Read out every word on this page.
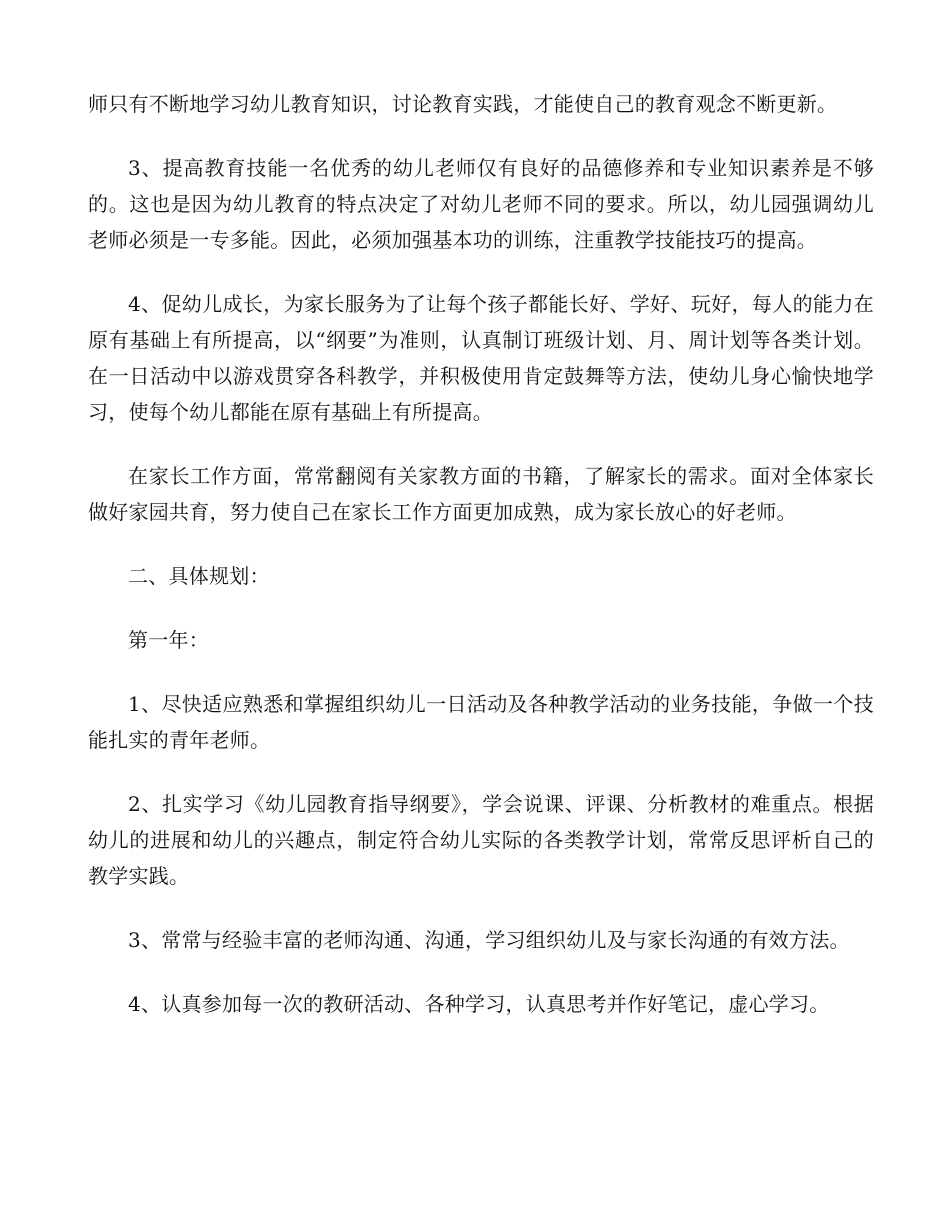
师只有不断地学习幼儿教育知识，讨论教育实践，才能使自己的教育观念不断更新。

3、提高教育技能一名优秀的幼儿老师仅有良好的品德修养和专业知识素养是不够的。这也是因为幼儿教育的特点决定了对幼儿老师不同的要求。所以，幼儿园强调幼儿老师必须是一专多能。因此，必须加强基本功的训练，注重教学技能技巧的提高。

4、促幼儿成长，为家长服务为了让每个孩子都能长好、学好、玩好，每人的能力在原有基础上有所提高，以“纲要”为准则，认真制订班级计划、月、周计划等各类计划。在一日活动中以游戏贯穿各科教学，并积极使用肯定鼓舞等方法，使幼儿身心愉快地学习，使每个幼儿都能在原有基础上有所提高。

在家长工作方面，常常翻阅有关家教方面的书籍，了解家长的需求。面对全体家长做好家园共育，努力使自己在家长工作方面更加成熟，成为家长放心的好老师。

二、具体规划：

第一年：

1、尽快适应熟悉和掌握组织幼儿一日活动及各种教学活动的业务技能，争做一个技能扎实的青年老师。

2、扎实学习《幼儿园教育指导纲要》，学会说课、评课、分析教材的难重点。根据幼儿的进展和幼儿的兴趣点，制定符合幼儿实际的各类教学计划，常常反思评析自己的教学实践。

3、常常与经验丰富的老师沟通、沟通，学习组织幼儿及与家长沟通的有效方法。

4、认真参加每一次的教研活动、各种学习，认真思考并作好笔记，虚心学习。
